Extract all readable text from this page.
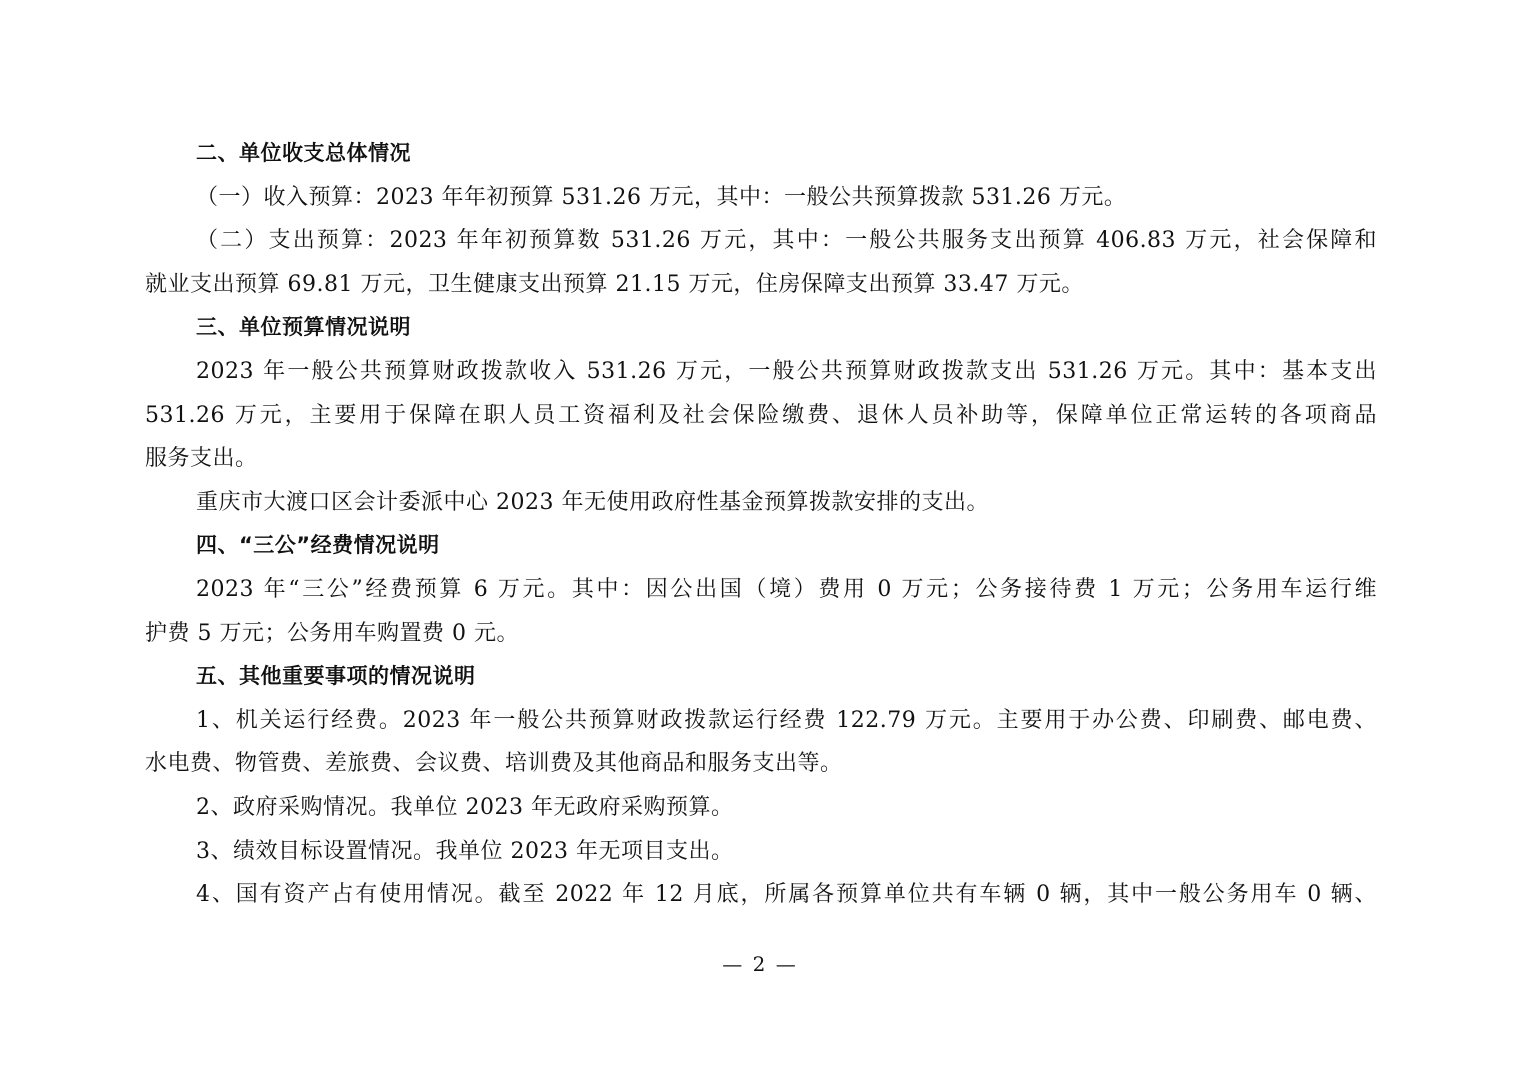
二、单位收支总体情况
（一）收入预算：2023 年年初预算 531.26 万元，其中：一般公共预算拨款 531.26 万元。
（二）支出预算：2023 年年初预算数 531.26 万元，其中：一般公共服务支出预算 406.83 万元，社会保障和
就业支出预算 69.81 万元，卫生健康支出预算 21.15 万元，住房保障支出预算 33.47 万元。
三、单位预算情况说明
2023 年一般公共预算财政拨款收入 531.26 万元，一般公共预算财政拨款支出 531.26 万元。其中：基本支出
531.26 万元，主要用于保障在职人员工资福利及社会保险缴费、退休人员补助等，保障单位正常运转的各项商品
服务支出。
重庆市大渡口区会计委派中心 2023 年无使用政府性基金预算拨款安排的支出。
四、“三公”经费情况说明
2023 年“三公”经费预算 6 万元。其中：因公出国（境）费用 0 万元；公务接待费 1 万元；公务用车运行维
护费 5 万元；公务用车购置费 0 元。
五、其他重要事项的情况说明
1、机关运行经费。2023 年一般公共预算财政拨款运行经费 122.79 万元。主要用于办公费、印刷费、邮电费、
水电费、物管费、差旅费、会议费、培训费及其他商品和服务支出等。
2、政府采购情况。我单位 2023 年无政府采购预算。
3、绩效目标设置情况。我单位 2023 年无项目支出。
4、国有资产占有使用情况。截至 2022 年 12 月底，所属各预算单位共有车辆 0 辆，其中一般公务用车 0 辆、
— 2 —
